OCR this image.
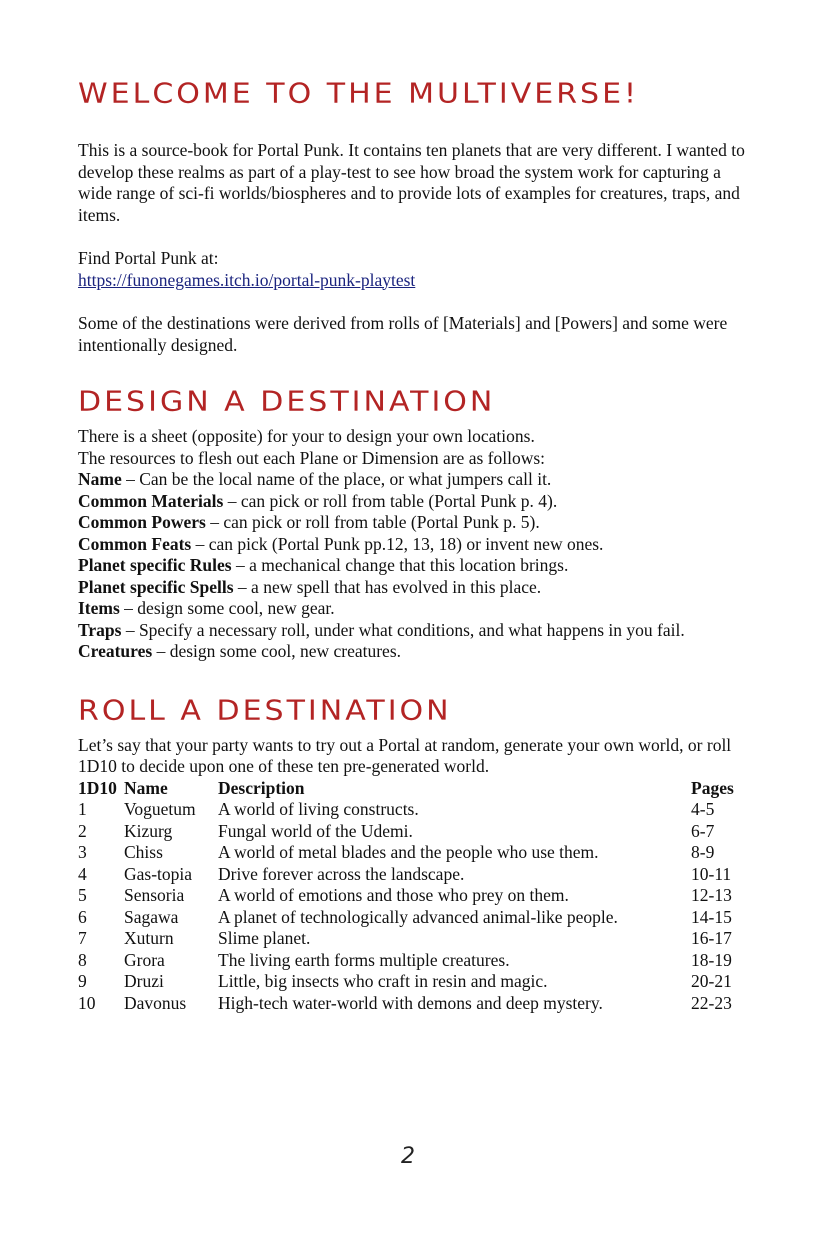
WELCOME TO THE MULTIVERSE!

This is a source-book for Portal Punk. It contains ten planets that are very different. I wanted to develop these realms as part of a play-test to see how broad the system work for capturing a wide range of sci-fi worlds/biospheres and to provide lots of examples for creatures, traps, and items.

Find Portal Punk at:

https://funonegames.itch.io/portal-punk-playtest

Some of the destinations were derived from rolls of [Materials] and [Powers] and some were intentionally designed.

DESIGN A DESTINATION

There is a sheet (opposite) for your to design your own locations.

The resources to flesh out each Plane or Dimension are as follows:

Name – Can be the local name of the place, or what jumpers call it.

Common Materials – can pick or roll from table (Portal Punk p. 4).

Common Powers – can pick or roll from table (Portal Punk p. 5).

Common Feats – can pick (Portal Punk pp.12, 13, 18) or invent new ones.

Planet specific Rules – a mechanical change that this location brings.

Planet specific Spells – a new spell that has evolved in this place.

Items – design some cool, new gear.

Traps – Specify a necessary roll, under what conditions, and what happens in you fail.

Creatures – design some cool, new creatures.

ROLL A DESTINATION

Let’s say that your party wants to try out a Portal at random, generate your own world, or roll 1D10 to decide upon one of these ten pre-generated world.

1D10	Name	Description	Pages
1	Voguetum	A world of living constructs.	4-5
2	Kizurg	Fungal world of the Udemi.	6-7
3	Chiss	A world of metal blades and the people who use them.	8-9
4	Gas-topia	Drive forever across the landscape.	10-11
5	Sensoria	A world of emotions and those who prey on them.	12-13
6	Sagawa	A planet of technologically advanced animal-like people.	14-15
7	Xuturn	Slime planet.	16-17
8	Grora	The living earth forms multiple creatures.	18-19
9	Druzi	Little, big insects who craft in resin and magic.	20-21
10	Davonus	High-tech water-world with demons and deep mystery.	22-23
2
